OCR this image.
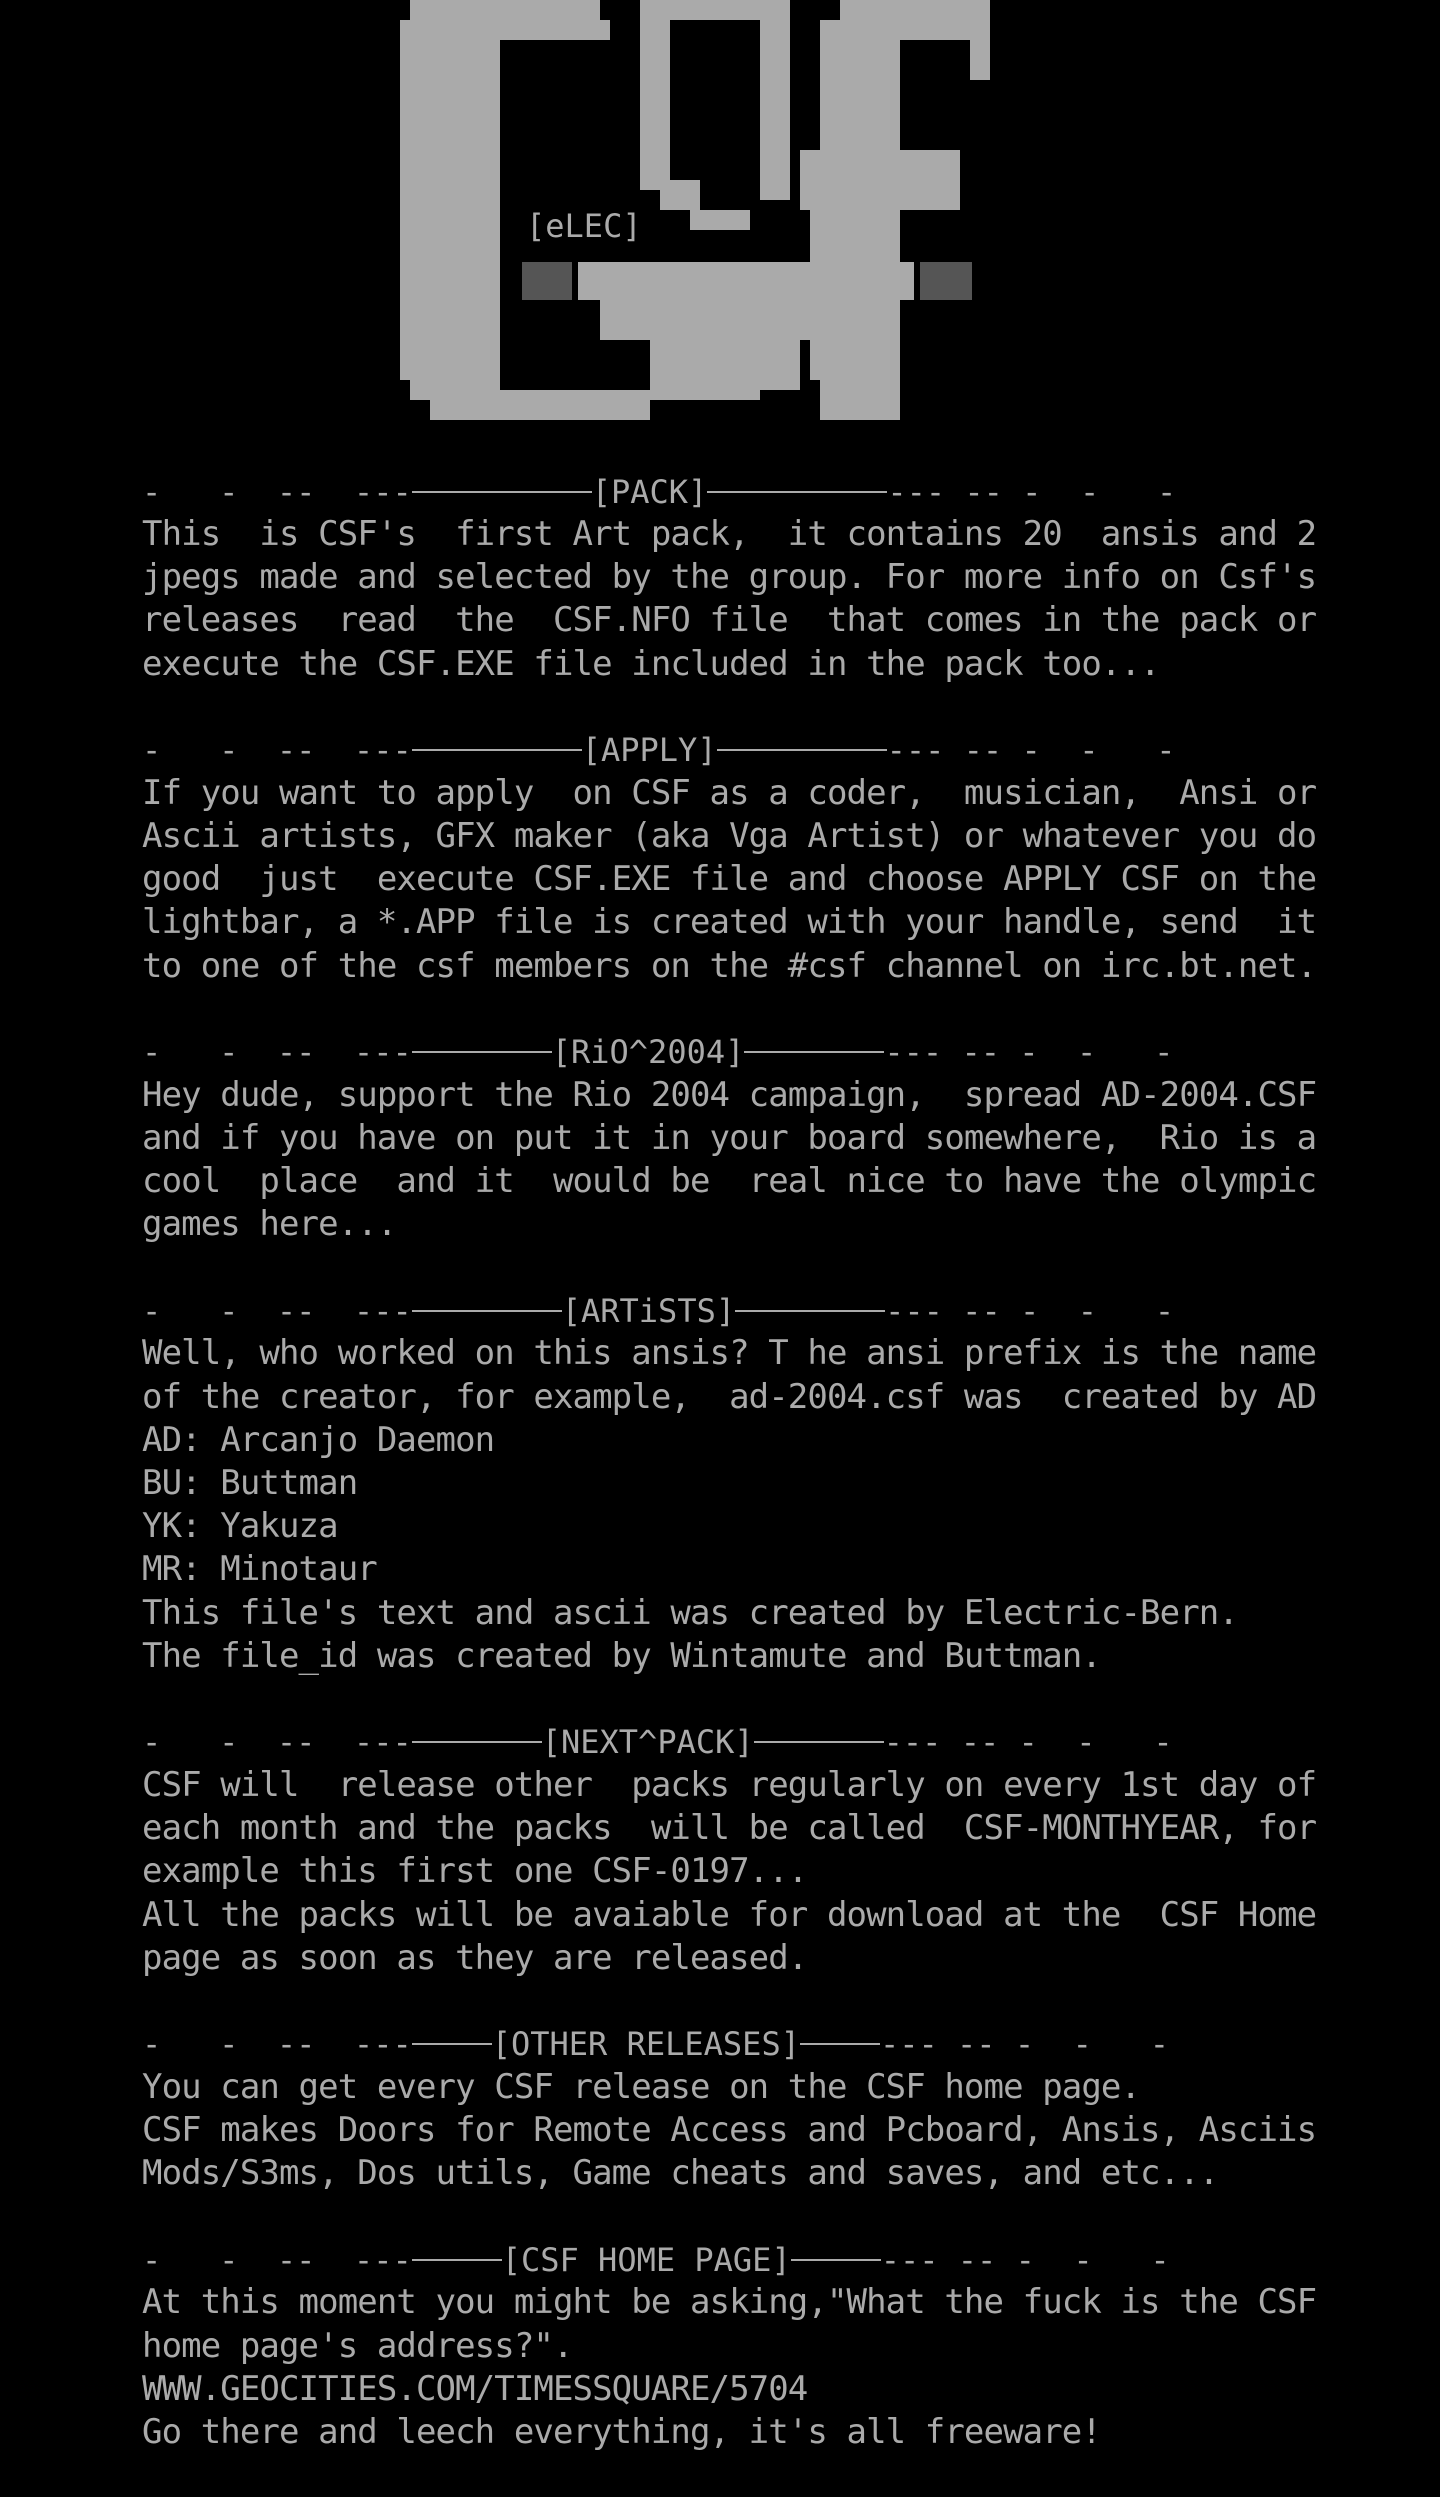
[eLEC]
-   -  --  ---	[PACK]	--- -- -  -   -
This  is CSF's  first Art pack,  it contains 20  ansis and 2
jpegs made and selected by the group. For more info on Csf's
releases  read  the  CSF.NFO file  that comes in the pack or
execute the CSF.EXE file included in the pack too...
-   -  --  ---	[APPLY]	--- -- -  -   -
If you want to apply  on CSF as a coder,  musician,  Ansi or
Ascii artists, GFX maker (aka Vga Artist) or whatever you do
good  just  execute CSF.EXE file and choose APPLY CSF on the
lightbar, a *.APP file is created with your handle, send  it
to one of the csf members on the #csf channel on irc.bt.net.
-   -  --  ---	[RiO^2004]	--- -- -  -   -
Hey dude, support the Rio 2004 campaign,  spread AD-2004.CSF
and if you have on put it in your board somewhere,  Rio is a
cool  place  and it  would be  real nice to have the olympic
games here...
-   -  --  ---	[ARTiSTS]	--- -- -  -   -
Well, who worked on this ansis? T he ansi prefix is the name
of the creator, for example,  ad-2004.csf was  created by AD
AD: Arcanjo Daemon
BU: Buttman
YK: Yakuza
MR: Minotaur
This file's text and ascii was created by Electric-Bern.
The file_id was created by Wintamute and Buttman.
-   -  --  ---	[NEXT^PACK]	--- -- -  -   -
CSF will  release other  packs regularly on every 1st day of
each month and the packs  will be called  CSF-MONTHYEAR, for
example this first one CSF-0197...
All the packs will be avaiable for download at the  CSF Home
page as soon as they are released.
-   -  --  ---	[OTHER RELEASES]	--- -- -  -   -
You can get every CSF release on the CSF home page.
CSF makes Doors for Remote Access and Pcboard, Ansis, Asciis
Mods/S3ms, Dos utils, Game cheats and saves, and etc...
-   -  --  ---	[CSF HOME PAGE]	--- -- -  -   -
At this moment you might be asking,"What the fuck is the CSF
home page's address?".
WWW.GEOCITIES.COM/TIMESSQUARE/5704
Go there and leech everything, it's all freeware!
